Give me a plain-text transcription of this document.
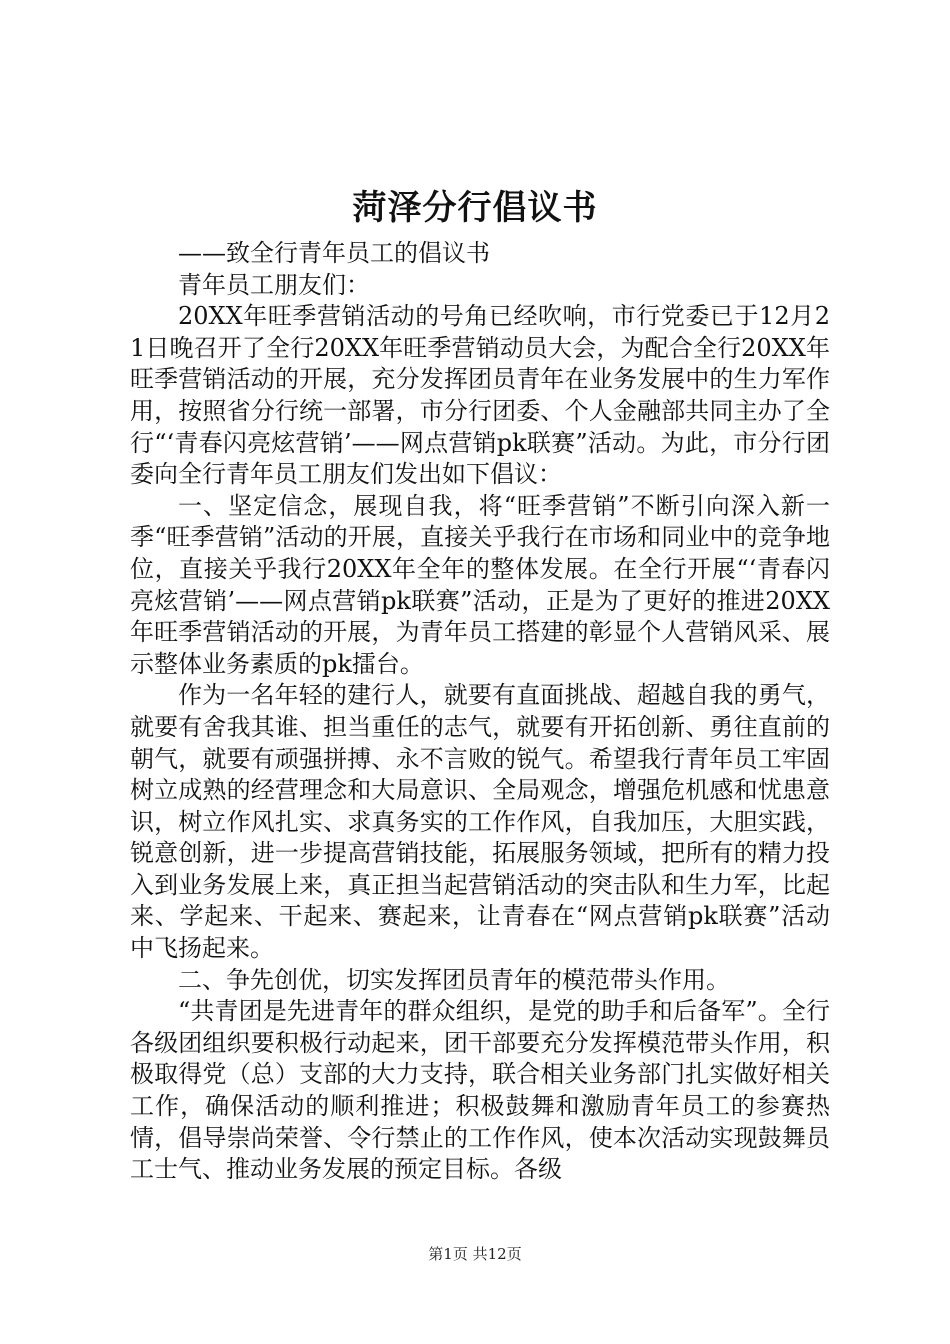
菏泽分行倡议书

——致全行青年员工的倡议书

青年员工朋友们：

20XX年旺季营销活动的号角已经吹响，市行党委已于12月21日晚召开了全行20XX年旺季营销动员大会，为配合全行20XX年旺季营销活动的开展，充分发挥团员青年在业务发展中的生力军作用，按照省分行统一部署，市分行团委、个人金融部共同主办了全行“‘青春闪亮炫营销’——网点营销pk联赛”活动。为此，市分行团委向全行青年员工朋友们发出如下倡议：

一、坚定信念，展现自我，将“旺季营销”不断引向深入新一季“旺季营销”活动的开展，直接关乎我行在市场和同业中的竞争地位，直接关乎我行20XX年全年的整体发展。在全行开展“‘青春闪亮炫营销’——网点营销pk联赛”活动，正是为了更好的推进20XX年旺季营销活动的开展，为青年员工搭建的彰显个人营销风采、展示整体业务素质的pk擂台。

作为一名年轻的建行人，就要有直面挑战、超越自我的勇气，就要有舍我其谁、担当重任的志气，就要有开拓创新、勇往直前的朝气，就要有顽强拼搏、永不言败的锐气。希望我行青年员工牢固树立成熟的经营理念和大局意识、全局观念，增强危机感和忧患意识，树立作风扎实、求真务实的工作作风，自我加压，大胆实践，锐意创新，进一步提高营销技能，拓展服务领域，把所有的精力投入到业务发展上来，真正担当起营销活动的突击队和生力军，比起来、学起来、干起来、赛起来，让青春在“网点营销pk联赛”活动中飞扬起来。

二、争先创优，切实发挥团员青年的模范带头作用。

“共青团是先进青年的群众组织，是党的助手和后备军”。全行各级团组织要积极行动起来，团干部要充分发挥模范带头作用，积极取得党（总）支部的大力支持，联合相关业务部门扎实做好相关工作，确保活动的顺利推进；积极鼓舞和激励青年员工的参赛热情，倡导崇尚荣誉、令行禁止的工作作风，使本次活动实现鼓舞员工士气、推动业务发展的预定目标。各级

第1页 共12页
